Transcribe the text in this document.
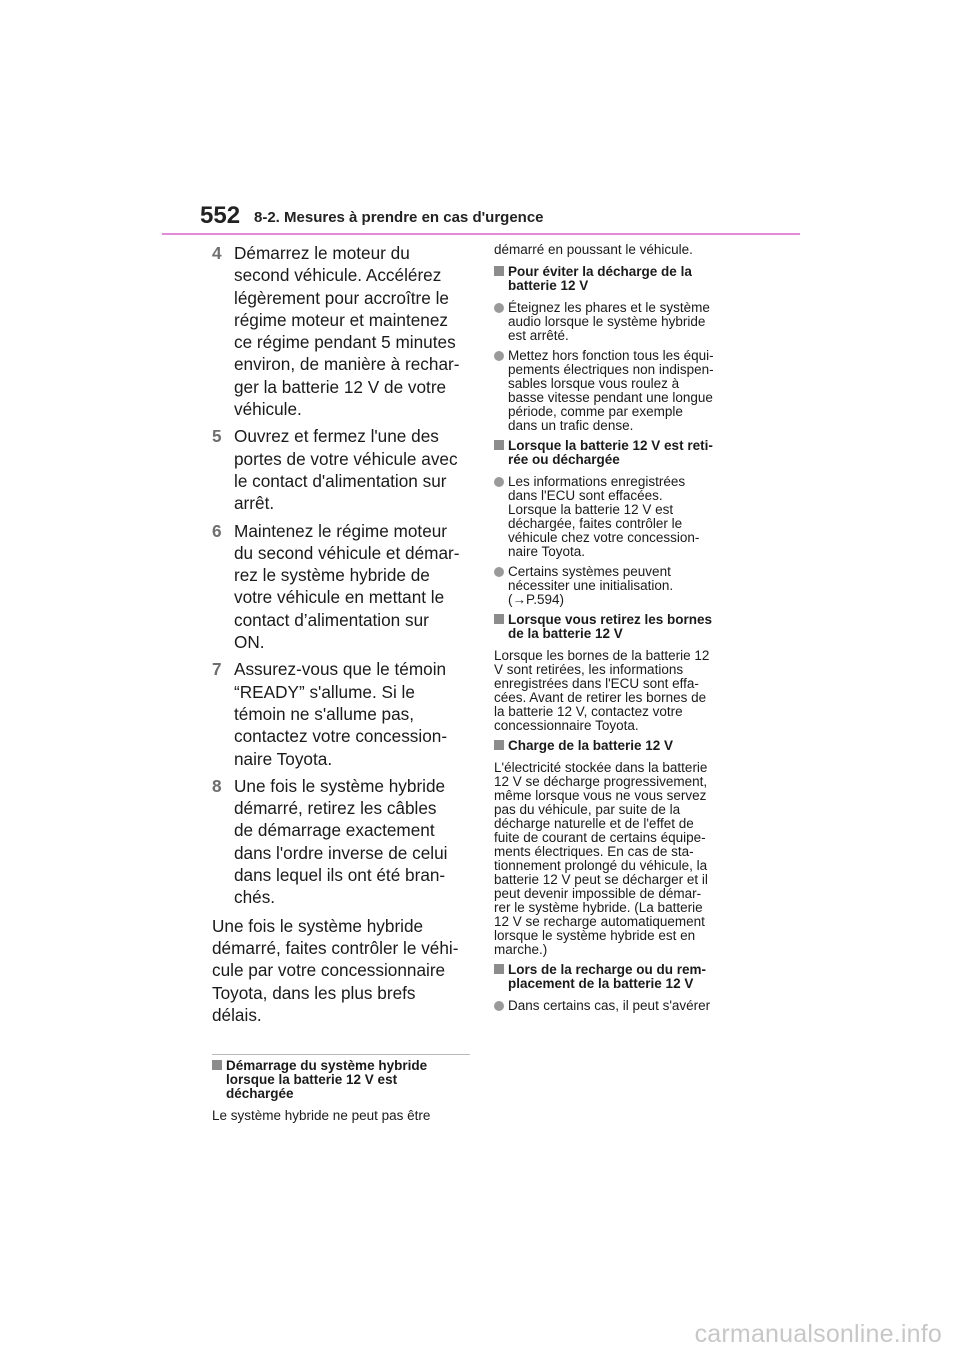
552 8-2. Mesures à prendre en cas d'urgence
4 Démarrez le moteur du
second véhicule. Accélérez
légèrement pour accroître le
régime moteur et maintenez
ce régime pendant 5 minutes
environ, de manière à rechar-
ger la batterie 12 V de votre
véhicule.
5 Ouvrez et fermez l'une des
portes de votre véhicule avec
le contact d'alimentation sur
arrêt.
6 Maintenez le régime moteur
du second véhicule et démar-
rez le système hybride de
votre véhicule en mettant le
contact d’alimentation sur
ON.
7 Assurez-vous que le témoin
“READY” s'allume. Si le
témoin ne s'allume pas,
contactez votre concession-
naire Toyota.
8 Une fois le système hybride
démarré, retirez les câbles
de démarrage exactement
dans l'ordre inverse de celui
dans lequel ils ont été bran-
chés.
Une fois le système hybride
démarré, faites contrôler le véhi-
cule par votre concessionnaire
Toyota, dans les plus brefs
délais.
Démarrage du système hybride
lorsque la batterie 12 V est
déchargée
Le système hybride ne peut pas être
démarré en poussant le véhicule.
Pour éviter la décharge de la
batterie 12 V
Éteignez les phares et le système
audio lorsque le système hybride
est arrêté.
Mettez hors fonction tous les équi-
pements électriques non indispen-
sables lorsque vous roulez à
basse vitesse pendant une longue
période, comme par exemple
dans un trafic dense.
Lorsque la batterie 12 V est reti-
rée ou déchargée
Les informations enregistrées
dans l'ECU sont effacées.
Lorsque la batterie 12 V est
déchargée, faites contrôler le
véhicule chez votre concession-
naire Toyota.
Certains systèmes peuvent
nécessiter une initialisation.
(→P.594)
Lorsque vous retirez les bornes
de la batterie 12 V
Lorsque les bornes de la batterie 12
V sont retirées, les informations
enregistrées dans l'ECU sont effa-
cées. Avant de retirer les bornes de
la batterie 12 V, contactez votre
concessionnaire Toyota.
Charge de la batterie 12 V
L'électricité stockée dans la batterie
12 V se décharge progressivement,
même lorsque vous ne vous servez
pas du véhicule, par suite de la
décharge naturelle et de l'effet de
fuite de courant de certains équipe-
ments électriques. En cas de sta-
tionnement prolongé du véhicule, la
batterie 12 V peut se décharger et il
peut devenir impossible de démar-
rer le système hybride. (La batterie
12 V se recharge automatiquement
lorsque le système hybride est en
marche.)
Lors de la recharge ou du rem-
placement de la batterie 12 V
Dans certains cas, il peut s'avérer
carmanualsonline.info
